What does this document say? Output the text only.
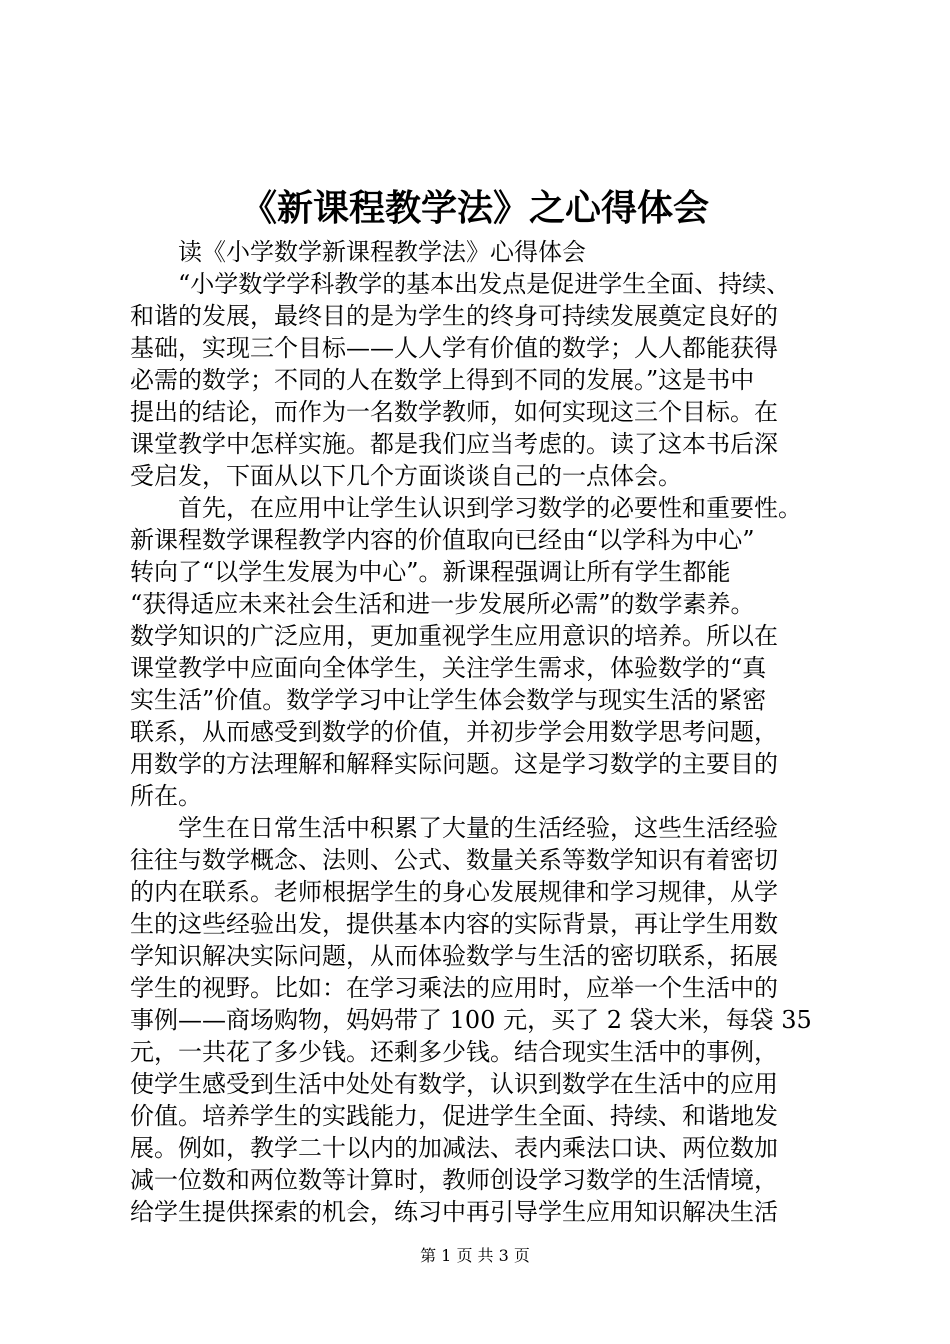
《新课程教学法》之心得体会
　　读《小学数学新课程教学法》心得体会
　　“小学数学学科教学的基本出发点是促进学生全面、持续、
和谐的发展，最终目的是为学生的终身可持续发展奠定良好的
基础，实现三个目标——人人学有价值的数学；人人都能获得
必需的数学；不同的人在数学上得到不同的发展。”这是书中
提出的结论，而作为一名数学教师，如何实现这三个目标。在
课堂教学中怎样实施。都是我们应当考虑的。读了这本书后深
受启发，下面从以下几个方面谈谈自己的一点体会。
　　首先，在应用中让学生认识到学习数学的必要性和重要性。
新课程数学课程教学内容的价值取向已经由“以学科为中心”
转向了“以学生发展为中心”。新课程强调让所有学生都能
“获得适应未来社会生活和进一步发展所必需”的数学素养。
数学知识的广泛应用，更加重视学生应用意识的培养。所以在
课堂教学中应面向全体学生，关注学生需求，体验数学的“真
实生活”价值。数学学习中让学生体会数学与现实生活的紧密
联系，从而感受到数学的价值，并初步学会用数学思考问题，
用数学的方法理解和解释实际问题。这是学习数学的主要目的
所在。
　　学生在日常生活中积累了大量的生活经验，这些生活经验
往往与数学概念、法则、公式、数量关系等数学知识有着密切
的内在联系。老师根据学生的身心发展规律和学习规律，从学
生的这些经验出发，提供基本内容的实际背景，再让学生用数
学知识解决实际问题，从而体验数学与生活的密切联系，拓展
学生的视野。比如：在学习乘法的应用时，应举一个生活中的
事例——商场购物，妈妈带了 100 元，买了 2 袋大米，每袋 35
元，一共花了多少钱。还剩多少钱。结合现实生活中的事例，
使学生感受到生活中处处有数学，认识到数学在生活中的应用
价值。培养学生的实践能力，促进学生全面、持续、和谐地发
展。例如，教学二十以内的加减法、表内乘法口诀、两位数加
减一位数和两位数等计算时，教师创设学习数学的生活情境，
给学生提供探索的机会，练习中再引导学生应用知识解决生活
第 1 页 共 3 页
